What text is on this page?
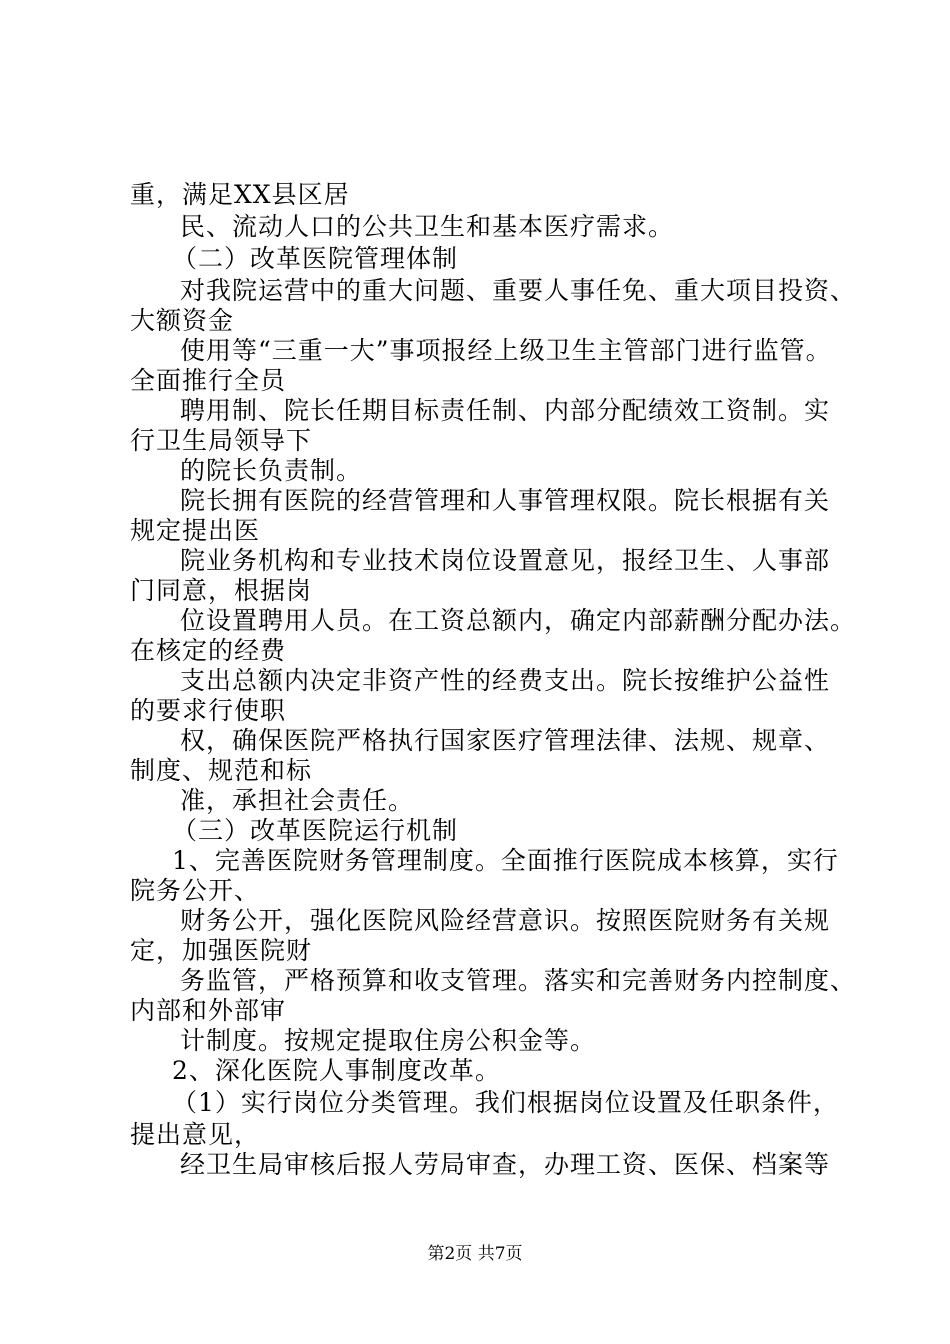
重，满足XX县区居
民、流动人口的公共卫生和基本医疗需求。
（二）改革医院管理体制
对我院运营中的重大问题、重要人事任免、重大项目投资、
大额资金
使用等“三重一大”事项报经上级卫生主管部门进行监管。
全面推行全员
聘用制、院长任期目标责任制、内部分配绩效工资制。实
行卫生局领导下
的院长负责制。
院长拥有医院的经营管理和人事管理权限。院长根据有关
规定提出医
院业务机构和专业技术岗位设置意见，报经卫生、人事部
门同意，根据岗
位设置聘用人员。在工资总额内，确定内部薪酬分配办法。
在核定的经费
支出总额内决定非资产性的经费支出。院长按维护公益性
的要求行使职
权，确保医院严格执行国家医疗管理法律、法规、规章、
制度、规范和标
准，承担社会责任。
（三）改革医院运行机制
1、完善医院财务管理制度。全面推行医院成本核算，实行
院务公开、
财务公开，强化医院风险经营意识。按照医院财务有关规
定，加强医院财
务监管，严格预算和收支管理。落实和完善财务内控制度、
内部和外部审
计制度。按规定提取住房公积金等。
2、深化医院人事制度改革。
（1）实行岗位分类管理。我们根据岗位设置及任职条件，
提出意见，
经卫生局审核后报人劳局审查，办理工资、医保、档案等
第2页 共7页
